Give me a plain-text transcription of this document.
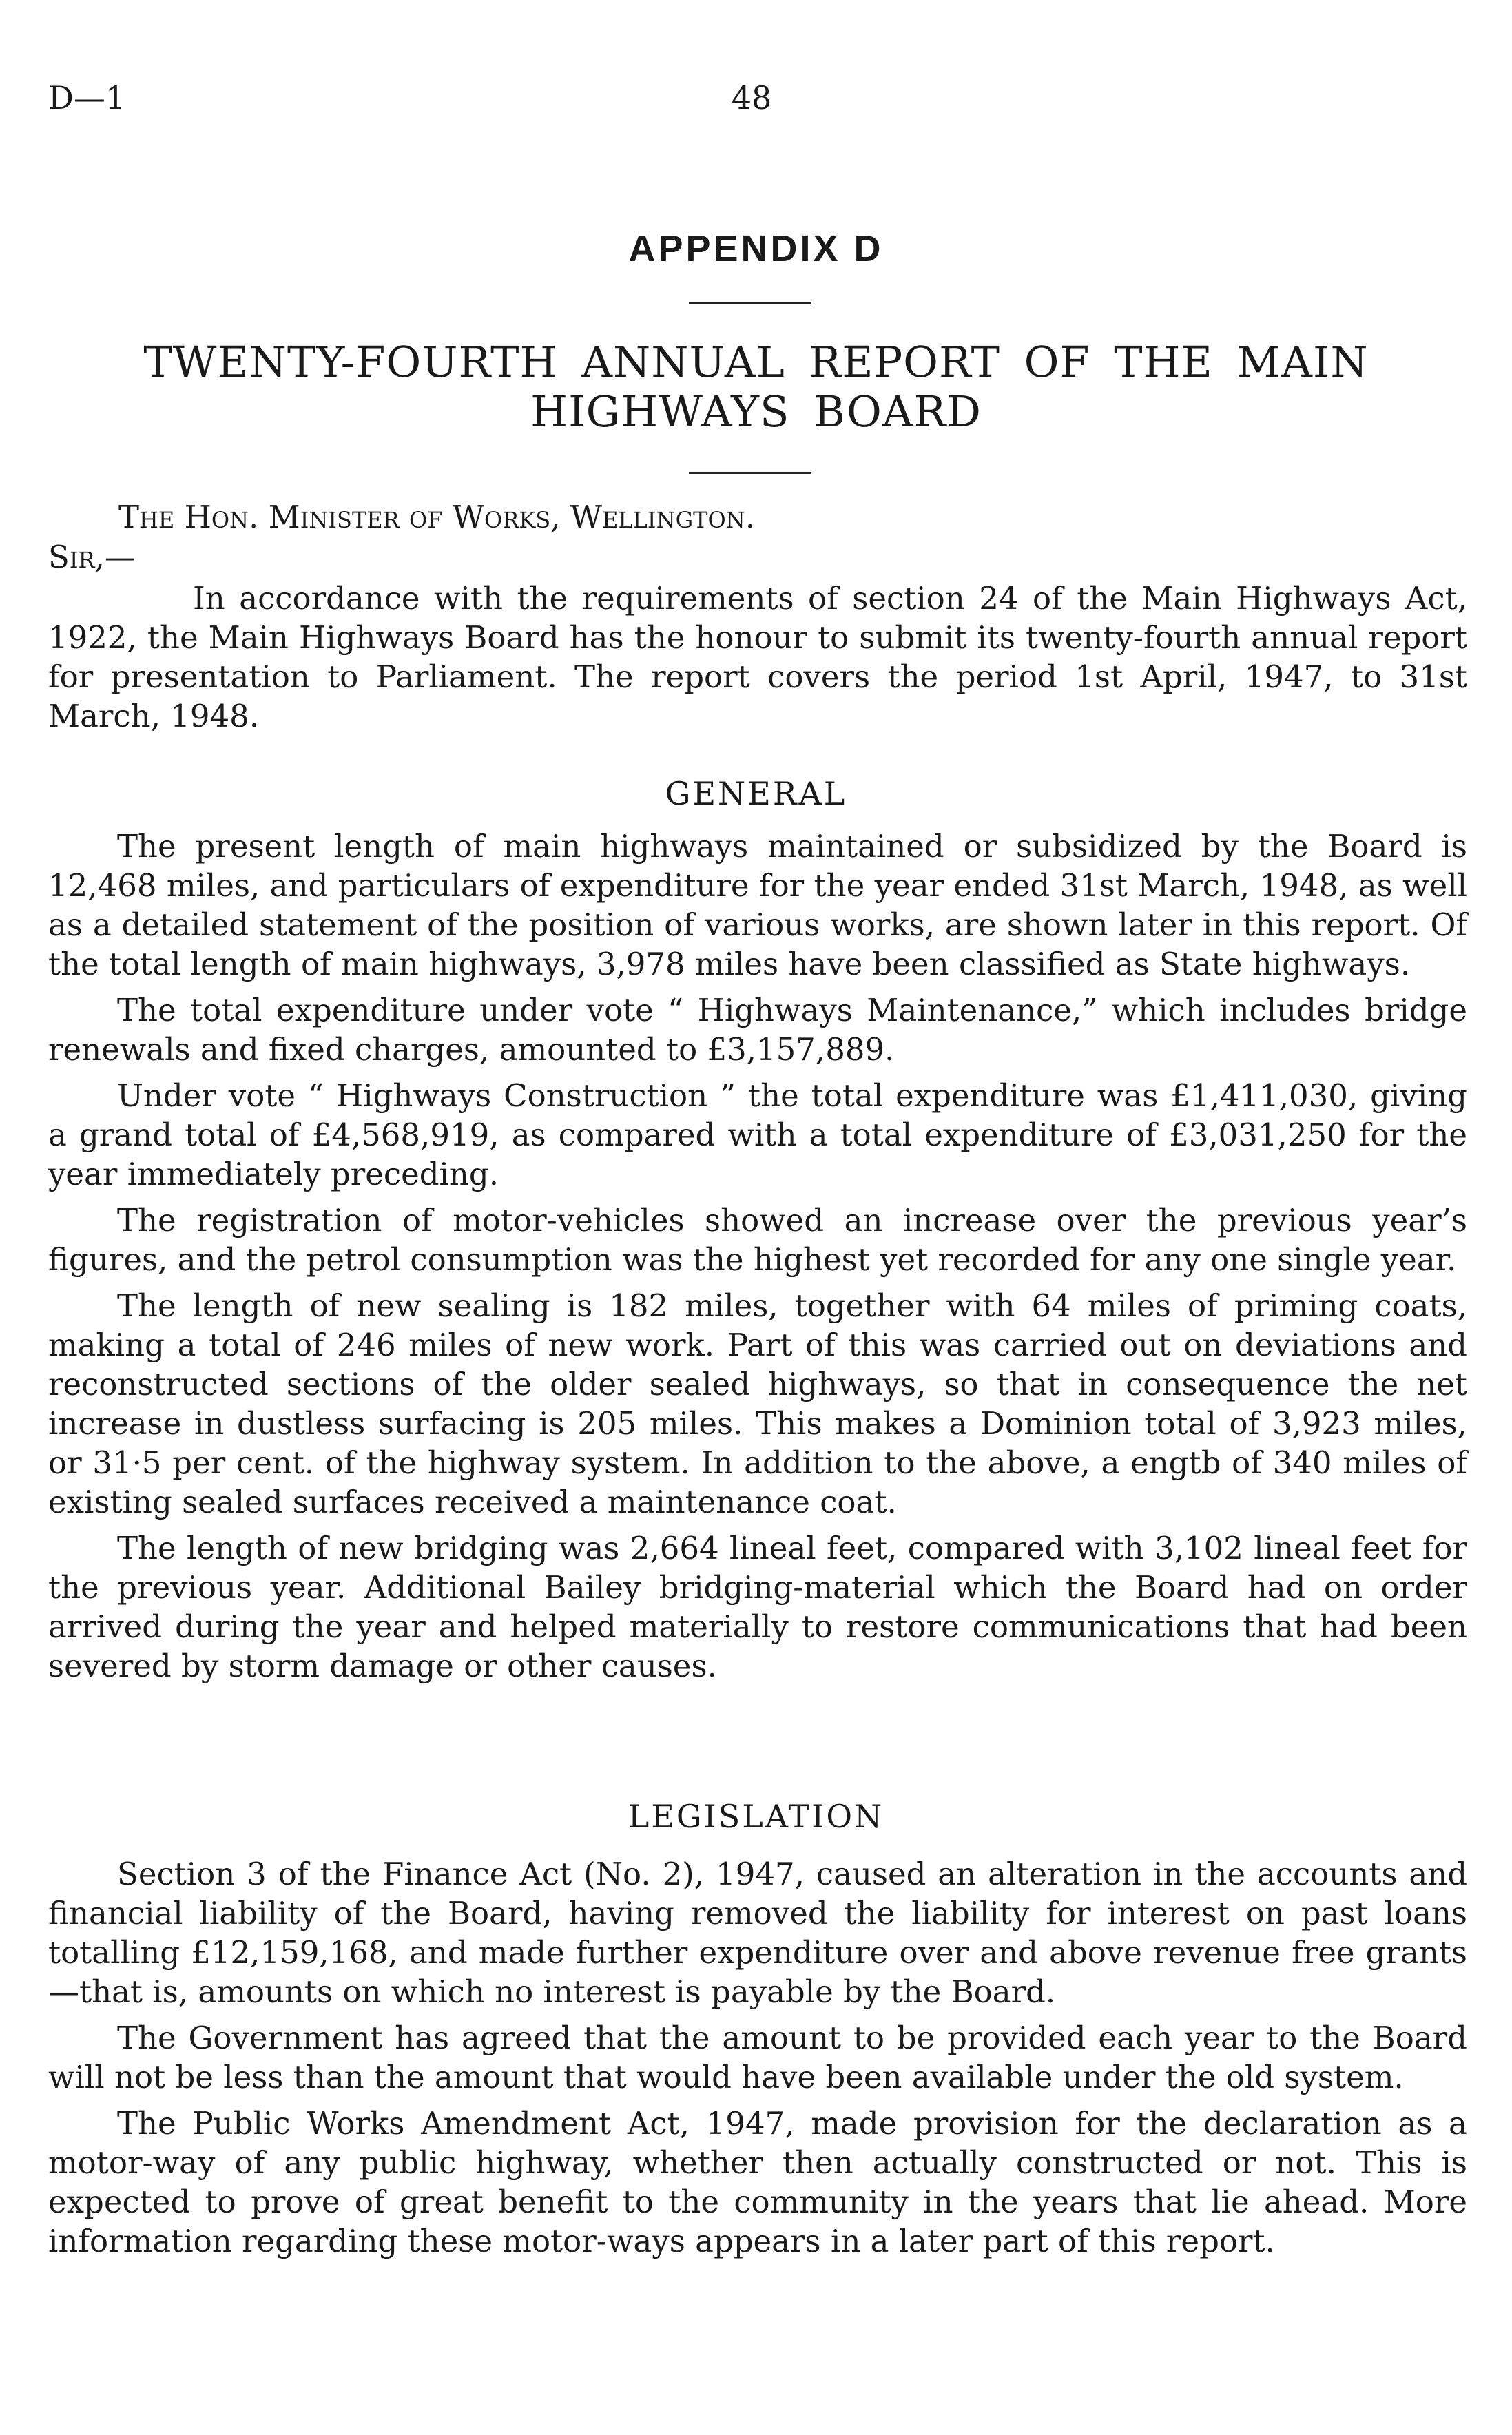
D—1	48
APPENDIX D
TWENTY-FOURTH ANNUAL REPORT OF THE MAIN HIGHWAYS BOARD
The Hon. Minister of Works, Wellington.
Sir,—

In accordance with the requirements of section 24 of the Main Highways Act, 1922, the Main Highways Board has the honour to submit its twenty-fourth annual report for presentation to Parliament. The report covers the period 1st April, 1947, to 31st March, 1948.

GENERAL

The present length of main highways maintained or subsidized by the Board is 12,468 miles, and particulars of expenditure for the year ended 31st March, 1948, as well as a detailed statement of the position of various works, are shown later in this report. Of the total length of main highways, 3,978 miles have been classified as State highways.

The total expenditure under vote “ Highways Maintenance,” which includes bridge renewals and fixed charges, amounted to £3,157,889.

Under vote “ Highways Construction ” the total expenditure was £1,411,030, giving a grand total of £4,568,919, as compared with a total expenditure of £3,031,250 for the year immediately preceding.

The registration of motor-vehicles showed an increase over the previous year’s figures, and the petrol consumption was the highest yet recorded for any one single year.

The length of new sealing is 182 miles, together with 64 miles of priming coats, making a total of 246 miles of new work. Part of this was carried out on deviations and reconstructed sections of the older sealed highways, so that in consequence the net increase in dustless surfacing is 205 miles. This makes a Dominion total of 3,923 miles, or 31·5 per cent. of the highway system. In addition to the above, a engtb of 340 miles of existing sealed surfaces received a maintenance coat.

The length of new bridging was 2,664 lineal feet, compared with 3,102 lineal feet for the previous year. Additional Bailey bridging-material which the Board had on order arrived during the year and helped materially to restore communications that had been severed by storm damage or other causes.

LEGISLATION

Section 3 of the Finance Act (No. 2), 1947, caused an alteration in the accounts and financial liability of the Board, having removed the liability for interest on past loans totalling £12,159,168, and made further expenditure over and above revenue free grants—that is, amounts on which no interest is payable by the Board.

The Government has agreed that the amount to be provided each year to the Board will not be less than the amount that would have been available under the old system.

The Public Works Amendment Act, 1947, made provision for the declaration as a motor-way of any public highway, whether then actually constructed or not. This is expected to prove of great benefit to the community in the years that lie ahead. More information regarding these motor-ways appears in a later part of this report.
